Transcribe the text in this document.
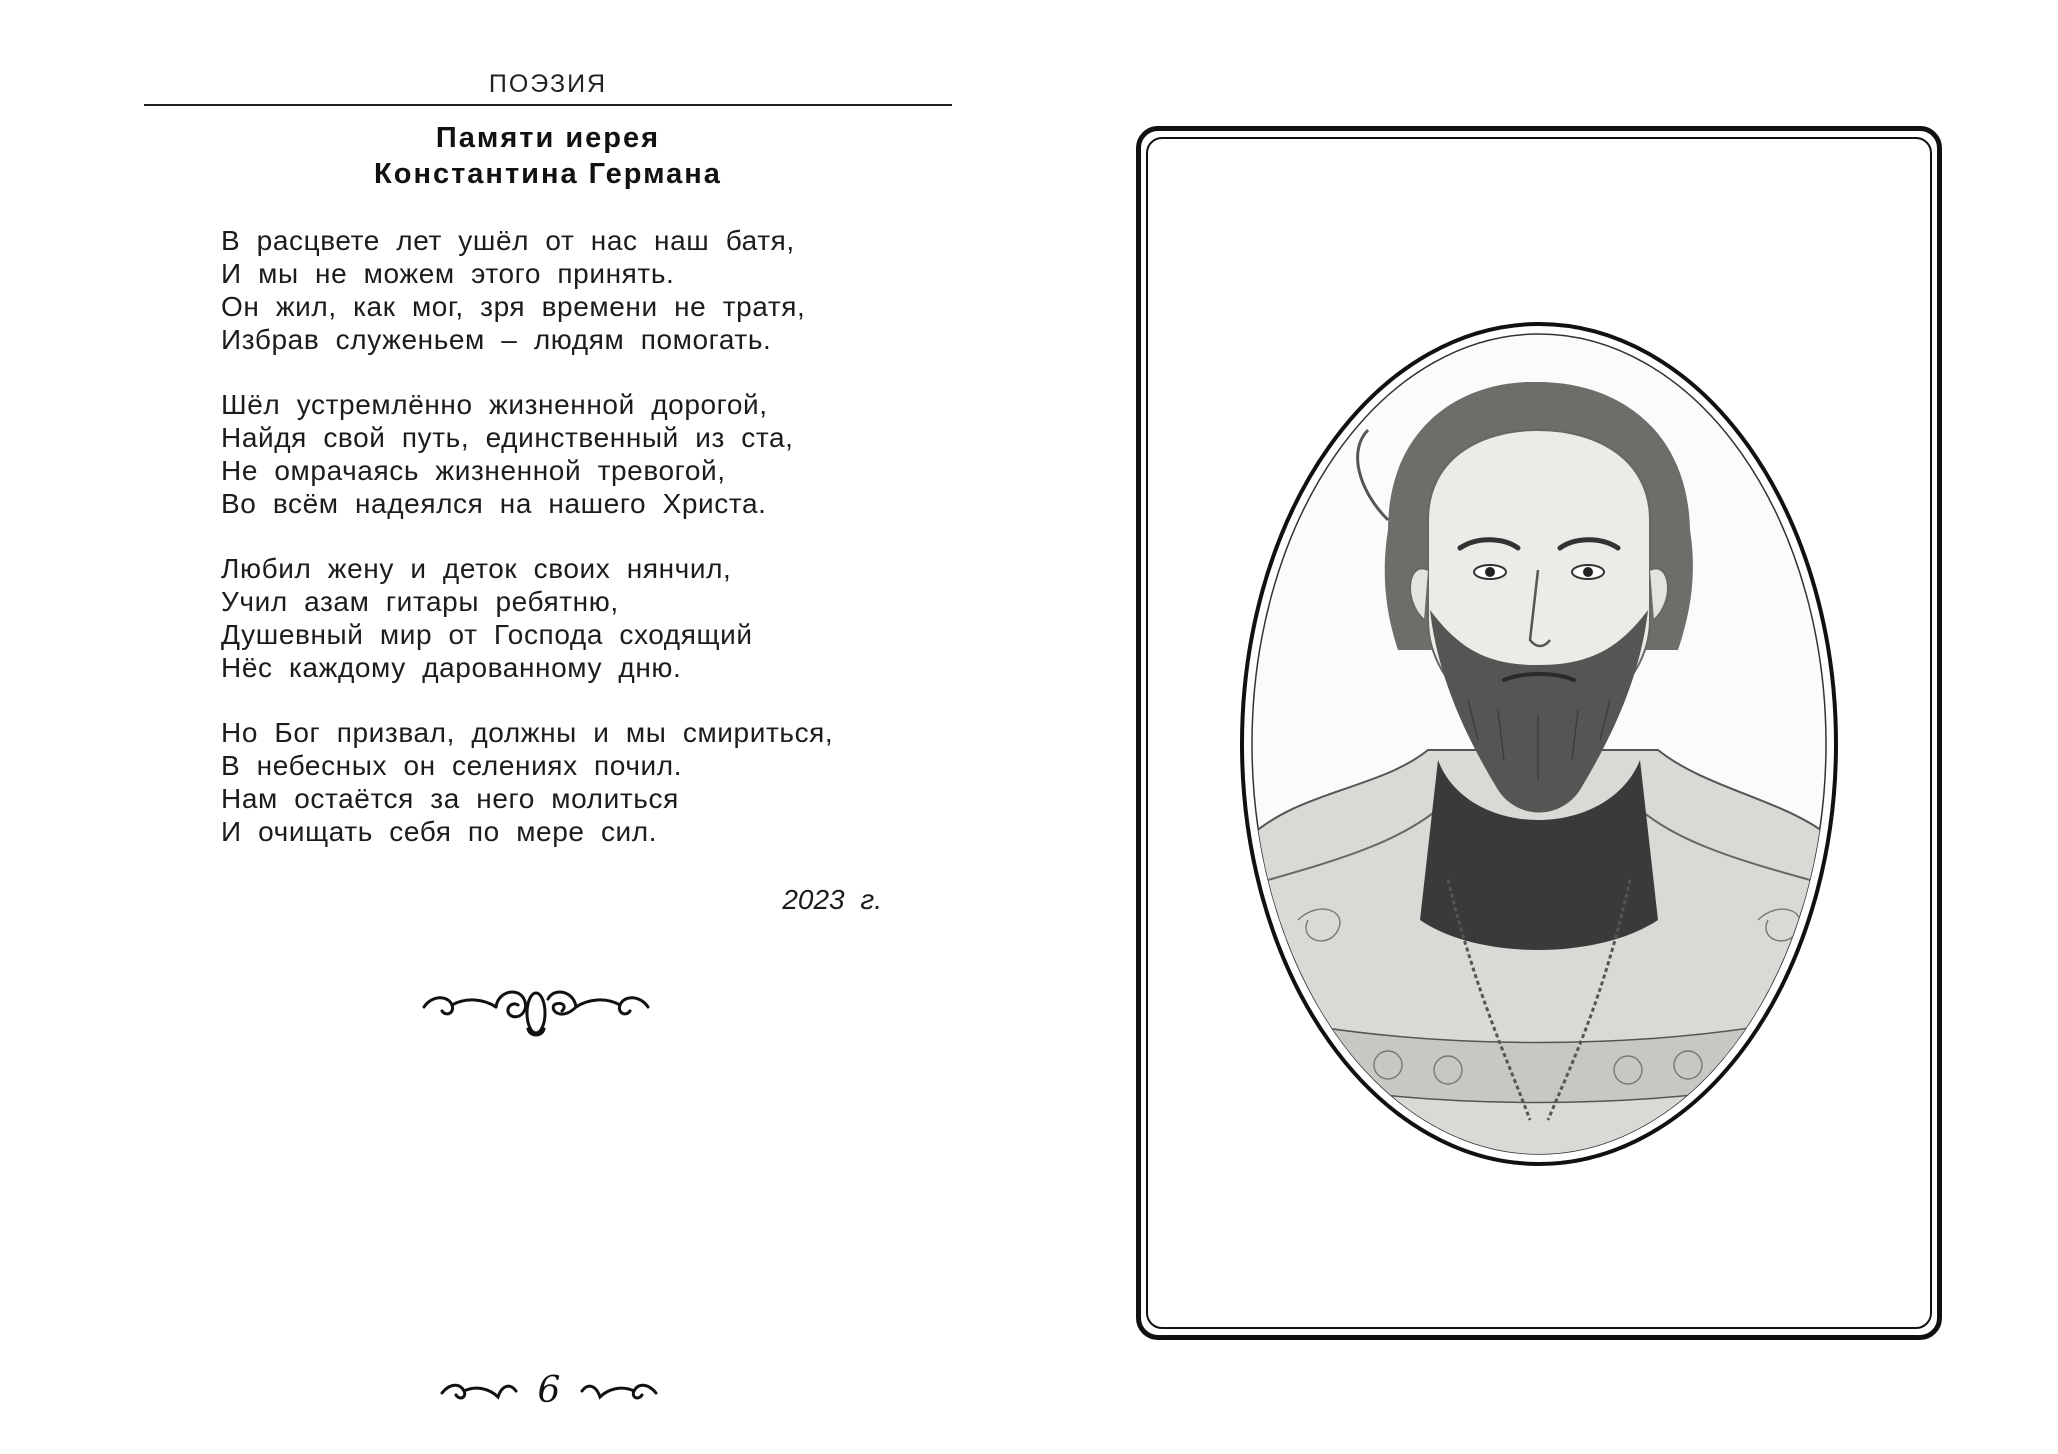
ПОЭЗИЯ
Памяти иерея
Константина Германа
В расцвете лет ушёл от нас наш батя,
И мы не можем этого принять.
Он жил, как мог, зря времени не тратя,
Избрав служеньем – людям помогать.
Шёл устремлённо жизненной дорогой,
Найдя свой путь, единственный из ста,
Не омрачаясь жизненной тревогой,
Во всём надеялся на нашего Христа.
Любил жену и деток своих нянчил,
Учил азам гитары ребятню,
Душевный мир от Господа сходящий
Нёс каждому дарованному дню.
Но Бог призвал, должны и мы смириться,
В небесных он селениях почил.
Нам остаётся за него молиться
И очищать себя по мере сил.
2023 г.
6
